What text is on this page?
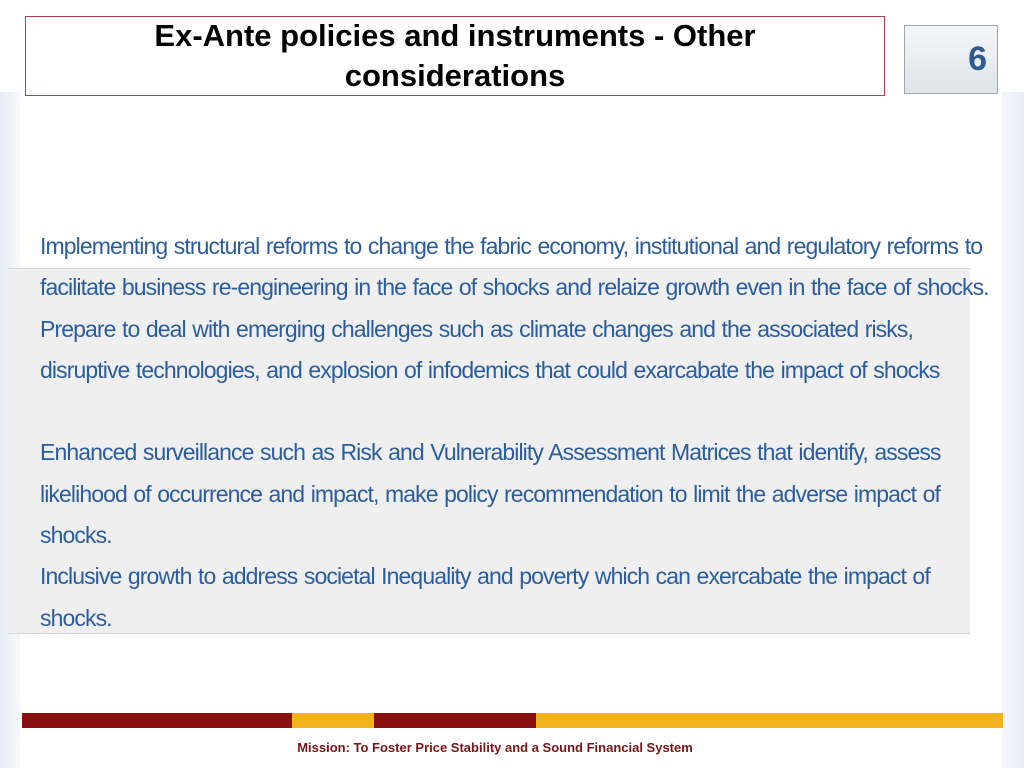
Ex-Ante policies and instruments - Other considerations	6

Implementing structural reforms to change the fabric economy, institutional and regulatory reforms to facilitate business re-engineering in the face of shocks and relaize growth even in the face of shocks.

Prepare to deal with emerging challenges such as climate changes and the associated risks, disruptive technologies, and explosion of infodemics that could exarcabate the impact of shocks

Enhanced surveillance such as Risk and Vulnerability Assessment Matrices that identify, assess likelihood of occurrence and impact, make policy recommendation to limit the adverse impact of shocks.

Inclusive growth to address societal Inequality and poverty which can exercabate the impact of shocks.

Mission: To Foster Price Stability and a Sound Financial System
